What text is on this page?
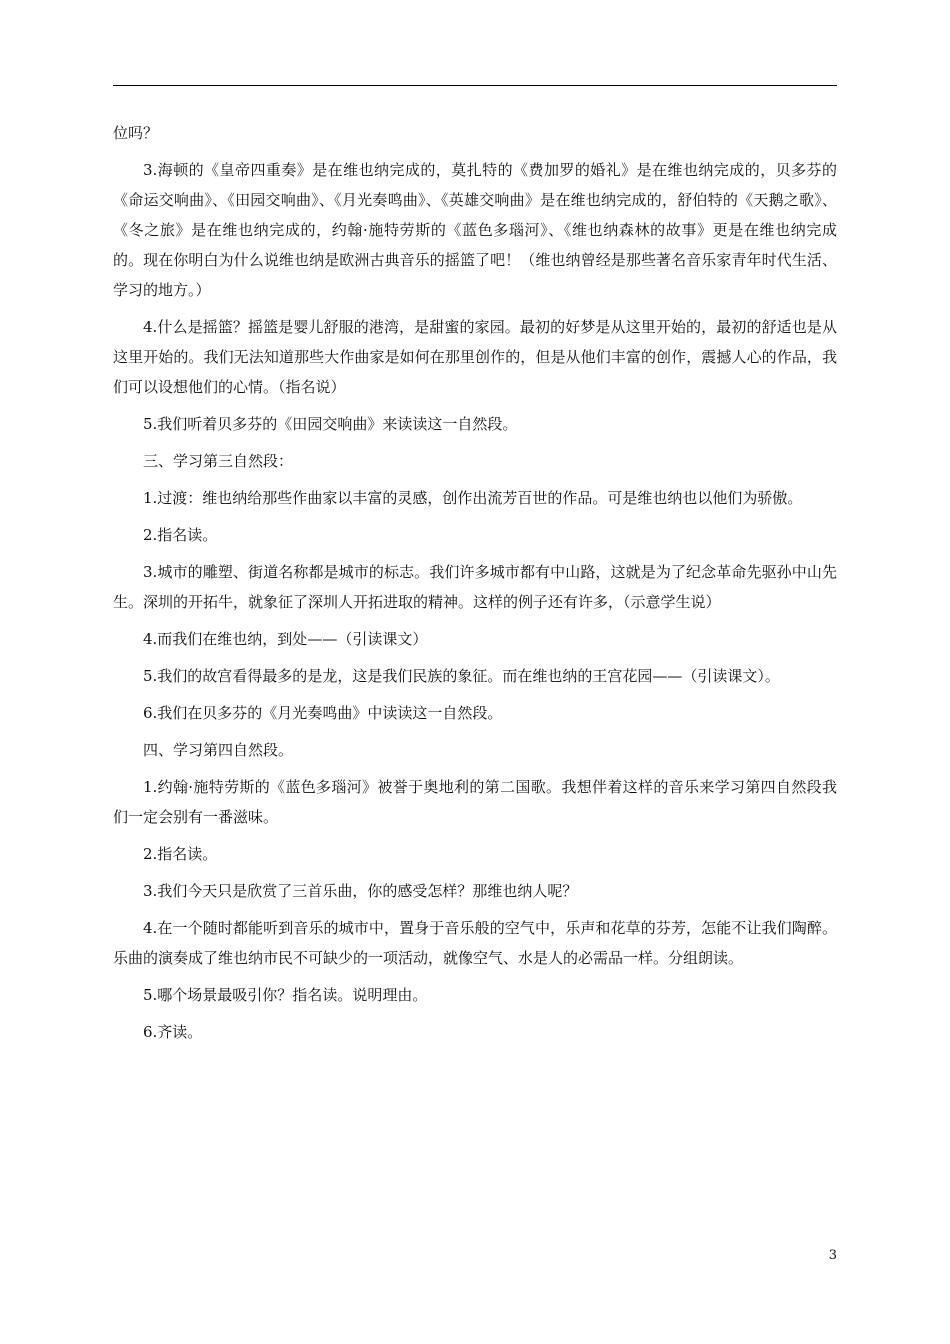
位吗？

3.海顿的《皇帝四重奏》是在维也纳完成的，莫扎特的《费加罗的婚礼》是在维也纳完成的，贝多芬的《命运交响曲》、《田园交响曲》、《月光奏鸣曲》、《英雄交响曲》是在维也纳完成的，舒伯特的《天鹅之歌》、《冬之旅》是在维也纳完成的，约翰·施特劳斯的《蓝色多瑙河》、《维也纳森林的故事》更是在维也纳完成的。现在你明白为什么说维也纳是欧洲古典音乐的摇篮了吧！（维也纳曾经是那些著名音乐家青年时代生活、学习的地方。）

4.什么是摇篮？摇篮是婴儿舒服的港湾，是甜蜜的家园。最初的好梦是从这里开始的，最初的舒适也是从这里开始的。我们无法知道那些大作曲家是如何在那里创作的，但是从他们丰富的创作，震撼人心的作品，我们可以设想他们的心情。（指名说）

5.我们听着贝多芬的《田园交响曲》来读读这一自然段。

三、学习第三自然段：

1.过渡：维也纳给那些作曲家以丰富的灵感，创作出流芳百世的作品。可是维也纳也以他们为骄傲。

2.指名读。

3.城市的雕塑、街道名称都是城市的标志。我们许多城市都有中山路，这就是为了纪念革命先驱孙中山先生。深圳的开拓牛，就象征了深圳人开拓进取的精神。这样的例子还有许多，（示意学生说）

4.而我们在维也纳，到处——（引读课文）

5.我们的故宫看得最多的是龙，这是我们民族的象征。而在维也纳的王宫花园——（引读课文）。

6.我们在贝多芬的《月光奏鸣曲》中读读这一自然段。

四、学习第四自然段。

1.约翰·施特劳斯的《蓝色多瑙河》被誉于奥地利的第二国歌。我想伴着这样的音乐来学习第四自然段我们一定会别有一番滋味。

2.指名读。

3.我们今天只是欣赏了三首乐曲，你的感受怎样？那维也纳人呢？

4.在一个随时都能听到音乐的城市中，置身于音乐般的空气中，乐声和花草的芬芳，怎能不让我们陶醉。乐曲的演奏成了维也纳市民不可缺少的一项活动，就像空气、水是人的必需品一样。分组朗读。

5.哪个场景最吸引你？指名读。说明理由。

6.齐读。

3
